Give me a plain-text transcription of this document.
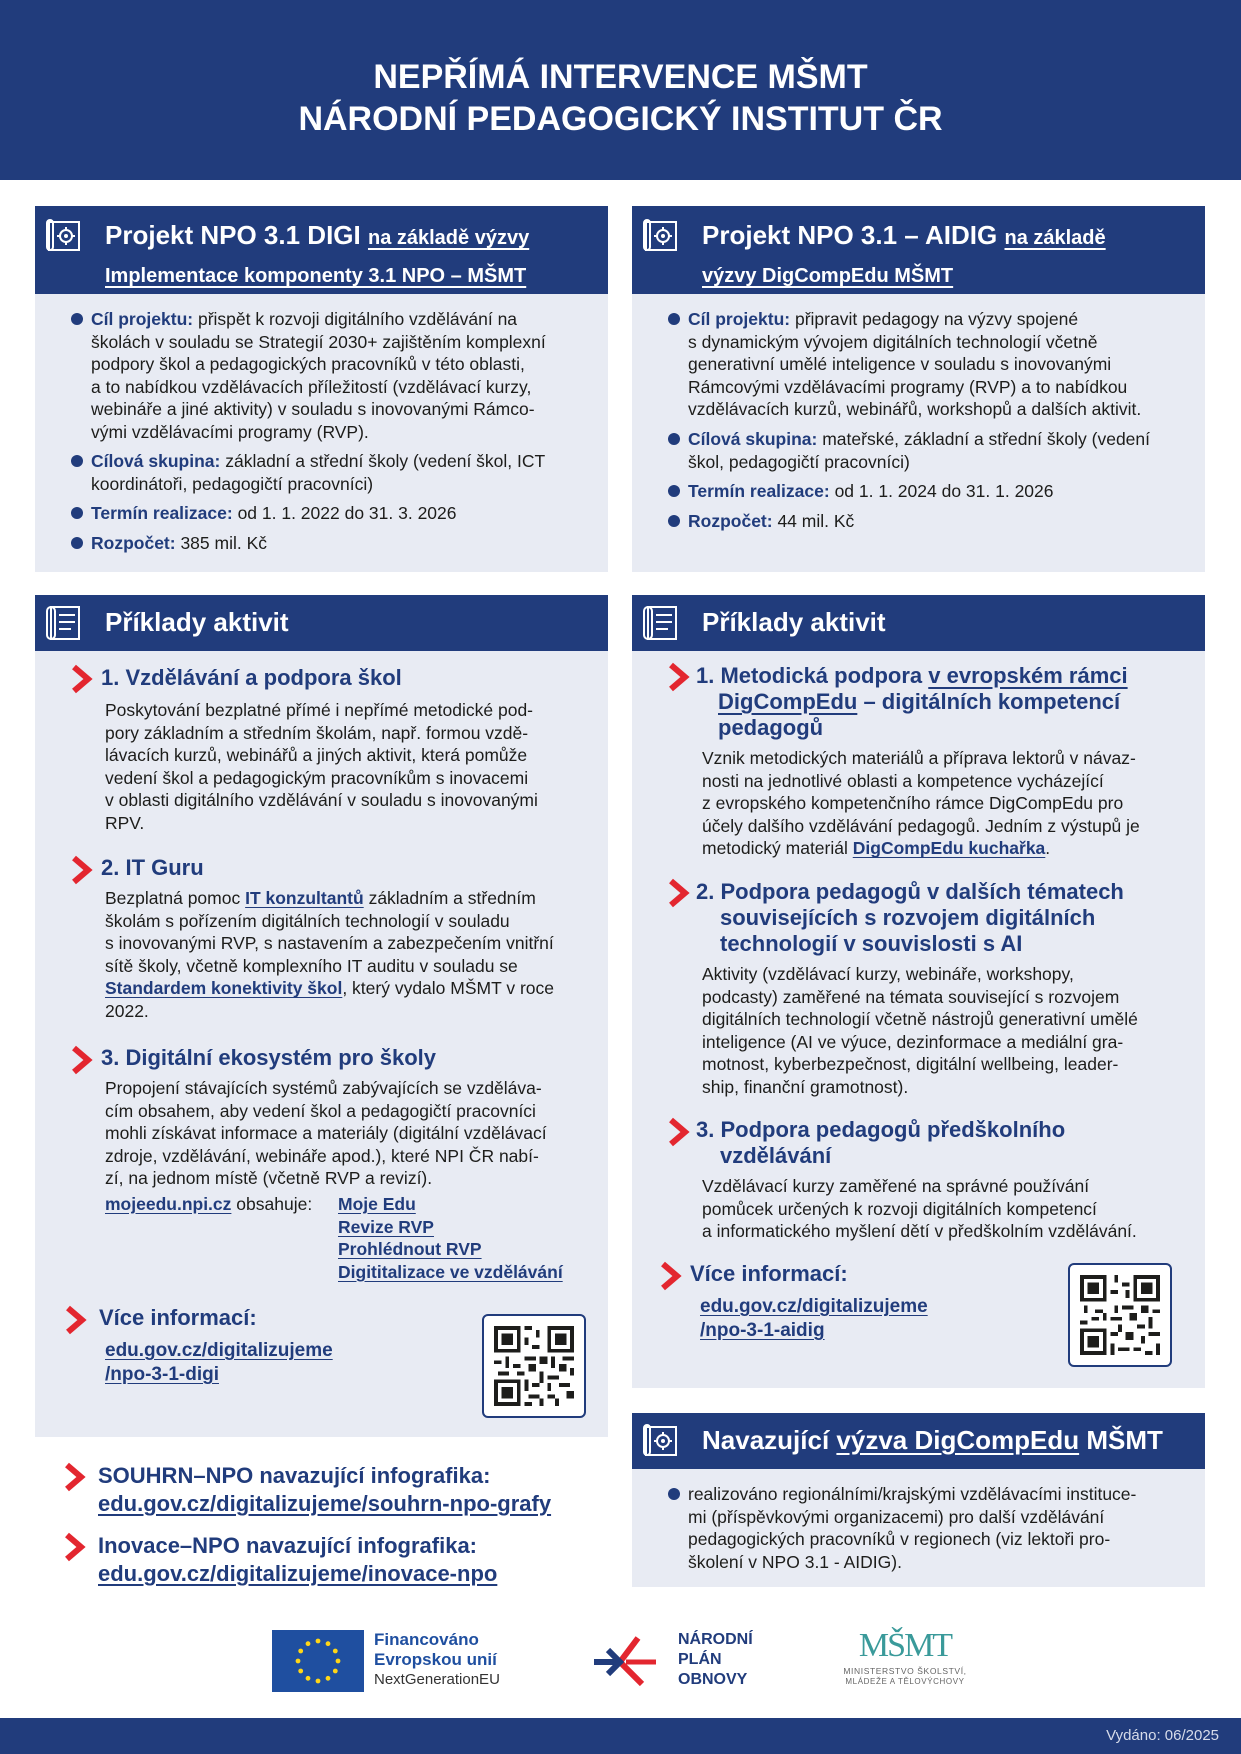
NEPŘÍMÁ INTERVENCE MŠMT
NÁRODNÍ PEDAGOGICKÝ INSTITUT ČR
Projekt NPO 3.1 DIGI na základě výzvy
Implementace komponenty 3.1 NPO – MŠMT
Cíl projektu: přispět k rozvoji digitálního vzdělávání na
školách v souladu se Strategií 2030+ zajištěním komplexní
podpory škol a pedagogických pracovníků v této oblasti,
a to nabídkou vzdělávacích příležitostí (vzdělávací kurzy,
webináře a jiné aktivity) v souladu s inovovanými Rámco-
vými vzdělávacími programy (RVP).
Cílová skupina: základní a střední školy (vedení škol, ICT
koordinátoři, pedagogičtí pracovníci)
Termín realizace: od 1. 1. 2022 do 31. 3. 2026
Rozpočet: 385 mil. Kč
Projekt NPO 3.1 – AIDIG na základě
výzvy DigCompEdu MŠMT
Cíl projektu: připravit pedagogy na výzvy spojené
s dynamickým vývojem digitálních technologií včetně
generativní umělé inteligence v souladu s inovovanými
Rámcovými vzdělávacími programy (RVP) a to nabídkou
vzdělávacích kurzů, webinářů, workshopů a dalších aktivit.
Cílová skupina: mateřské, základní a střední školy (vedení
škol, pedagogičtí pracovníci)
Termín realizace: od 1. 1. 2024 do 31. 1. 2026
Rozpočet: 44 mil. Kč
Příklady aktivit
1. Vzdělávání a podpora škol
Poskytování bezplatné přímé i nepřímé metodické pod-
pory základním a středním školám, např. formou vzdě-
lávacích kurzů, webinářů a jiných aktivit, která pomůže
vedení škol a pedagogickým pracovníkům s inovacemi
v oblasti digitálního vzdělávání v souladu s inovovanými
RPV.
2. IT Guru
Bezplatná pomoc IT konzultantů základním a středním
školám s pořízením digitálních technologií v souladu
s inovovanými RVP, s nastavením a zabezpečením vnitřní
sítě školy, včetně komplexního IT auditu v souladu se
Standardem konektivity škol, který vydalo MŠMT v roce
2022.
3. Digitální ekosystém pro školy
Propojení stávajících systémů zabývajících se vzděláva-
cím obsahem, aby vedení škol a pedagogičtí pracovníci
mohli získávat informace a materiály (digitální vzdělávací
zdroje, vzdělávání, webináře apod.), které NPI ČR nabí-
zí, na jednom místě (včetně RVP a revizí).
mojeedu.npi.cz obsahuje: Moje Edu
Revize RVP
Prohlédnout RVP
Digititalizace ve vzdělávání
Více informací:
edu.gov.cz/digitalizujeme
/npo-3-1-digi
Příklady aktivit
1. Metodická podpora v evropském rámci
DigCompEdu – digitálních kompetencí
pedagogů
Vznik metodických materiálů a příprava lektorů v návaz-
nosti na jednotlivé oblasti a kompetence vycházející
z evropského kompetenčního rámce DigCompEdu pro
účely dalšího vzdělávání pedagogů. Jedním z výstupů je
metodický materiál DigCompEdu kuchařka.
2. Podpora pedagogů v dalších tématech
souvisejících s rozvojem digitálních
technologií v souvislosti s AI
Aktivity (vzdělávací kurzy, webináře, workshopy,
podcasty) zaměřené na témata související s rozvojem
digitálních technologií včetně nástrojů generativní umělé
inteligence (AI ve výuce, dezinformace a mediální gra-
motnost, kyberbezpečnost, digitální wellbeing, leader-
ship, finanční gramotnost).
3. Podpora pedagogů předškolního
vzdělávání
Vzdělávací kurzy zaměřené na správné používání
pomůcek určených k rozvoji digitálních kompetencí
a informatického myšlení dětí v předškolním vzdělávání.
Více informací:
edu.gov.cz/digitalizujeme
/npo-3-1-aidig
Navazující výzva DigCompEdu MŠMT
realizováno regionálními/krajskými vzdělávacími institucе-
mi (příspěvkovými organizacemi) pro další vzdělávání
pedagogických pracovníků v regionech (viz lektoři pro-
školení v NPO 3.1 - AIDIG).
SOUHRN–NPO navazující infografika:
edu.gov.cz/digitalizujeme/souhrn-npo-grafy
Inovace–NPO navazující infografika:
edu.gov.cz/digitalizujeme/inovace-npo
Financováno
Evropskou unií
NextGenerationEU
NÁRODNÍ
PLÁN
OBNOVY
MŠMT
MINISTERSTVO ŠKOLSTVÍ,
MLÁDEŽE A TĚLOVÝCHOVY
Vydáno: 06/2025
